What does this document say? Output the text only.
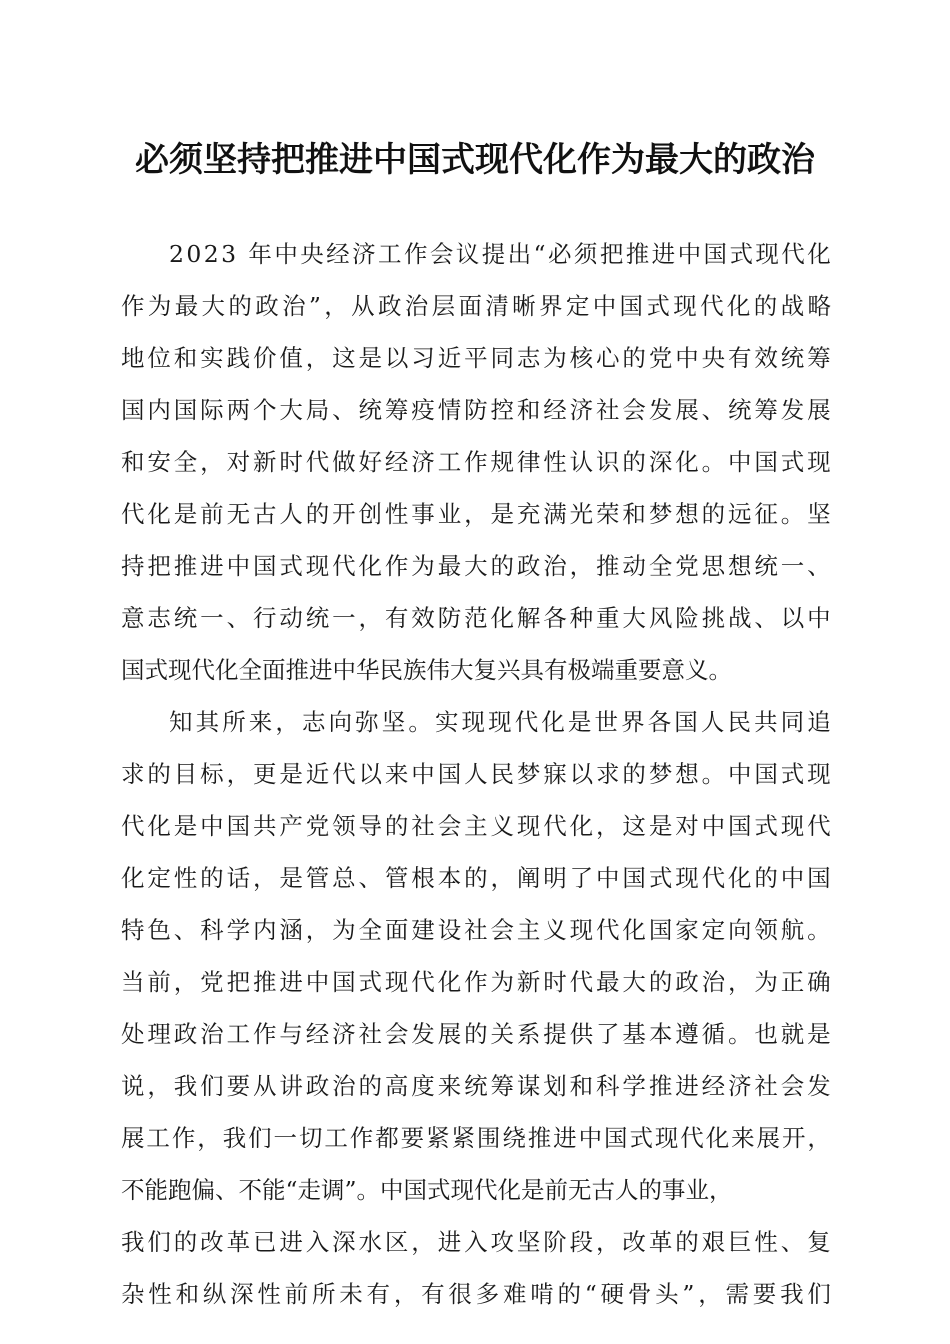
必须坚持把推进中国式现代化作为最大的政治
2 0 2 3
年 中 央 经 济 工 作 会 议 提 出 “ 必 须 把 推 进 中 国 式 现 代 化
作 为 最 大 的 政 治 ” ， 从 政 治 层 面 清 晰 界 定 中 国 式 现 代 化 的 战 略
地 位 和 实 践 价 值 ， 这 是 以 习 近 平 同 志 为 核 心 的 党 中 央 有 效 统 筹
国 内 国 际 两 个 大 局 、 统 筹 疫 情 防 控 和 经 济 社 会 发 展 、 统 筹 发 展
和 安 全 ， 对 新 时 代 做 好 经 济 工 作 规 律 性 认 识 的 深 化 。 中 国 式 现
代 化 是 前 无 古 人 的 开 创 性 事 业 ， 是 充 满 光 荣 和 梦 想 的 远 征 。 坚
持 把 推 进 中 国 式 现 代 化 作 为 最 大 的 政 治 ， 推 动 全 党 思 想 统 一 、
意 志 统 一 、 行 动 统 一 ， 有 效 防 范 化 解 各 种 重 大 风 险 挑 战 、 以 中
国 式 现 代 化 全 面 推 进 中 华 民 族 伟 大 复 兴 具 有 极 端 重 要 意 义 。
知 其 所 来 ， 志 向 弥 坚 。 实 现 现 代 化 是 世 界 各 国 人 民 共 同 追
求 的 目 标 ， 更 是 近 代 以 来 中 国 人 民 梦 寐 以 求 的 梦 想 。 中 国 式 现
代 化 是 中 国 共 产 党 领 导 的 社 会 主 义 现 代 化 ， 这 是 对 中 国 式 现 代
化 定 性 的 话 ， 是 管 总 、 管 根 本 的 ， 阐 明 了 中 国 式 现 代 化 的 中 国
特 色 、 科 学 内 涵 ， 为 全 面 建 设 社 会 主 义 现 代 化 国 家 定 向 领 航 。
当 前 ， 党 把 推 进 中 国 式 现 代 化 作 为 新 时 代 最 大 的 政 治 ， 为 正 确
处 理 政 治 工 作 与 经 济 社 会 发 展 的 关 系 提 供 了 基 本 遵 循 。 也 就 是
说 ， 我 们 要 从 讲 政 治 的 高 度 来 统 筹 谋 划 和 科 学 推 进 经 济 社 会 发
展 工 作 ， 我 们 一 切 工 作 都 要 紧 紧 围 绕 推 进 中 国 式 现 代 化 来 展 开 ，
不 能 跑 偏 、 不 能 “ 走 调 ” 。 中 国 式 现 代 化 是 前 无 古 人 的 事 业 ，
我 们 的 改 革 已 进 入 深 水 区 ， 进 入 攻 坚 阶 段 ， 改 革 的 艰 巨 性 、 复
杂 性 和 纵 深 性 前 所 未 有 ， 有 很 多 难 啃 的 “ 硬 骨 头 ” ， 需 要 我 们
